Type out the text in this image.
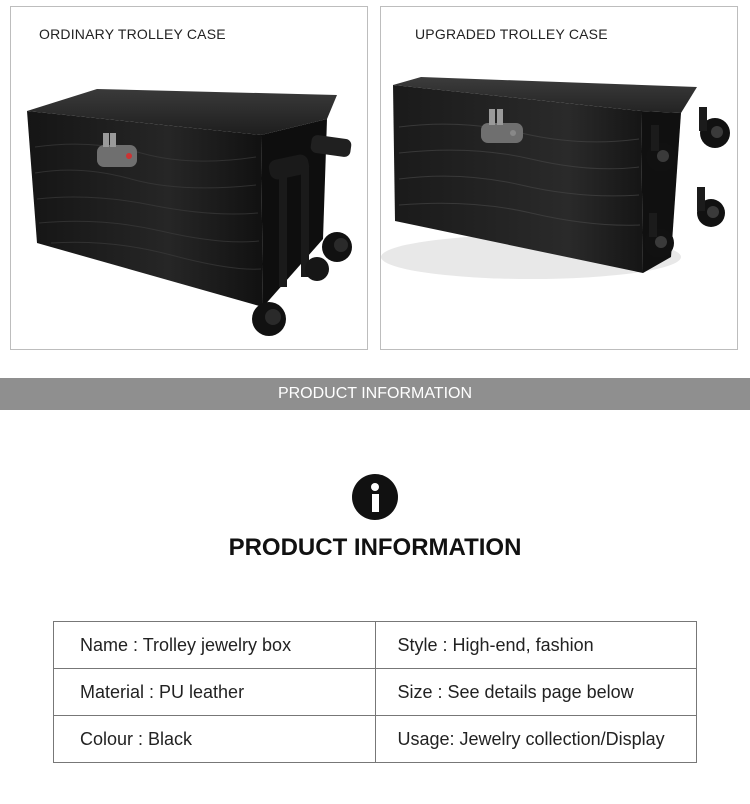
ORDINARY TROLLEY CASE	UPGRADED TROLLEY CASE
PRODUCT INFORMATION
PRODUCT INFORMATION
Name : Trolley jewelry box	Style : High-end, fashion
Material : PU leather	Size : See details page below
Colour : Black	Usage: Jewelry collection/Display
